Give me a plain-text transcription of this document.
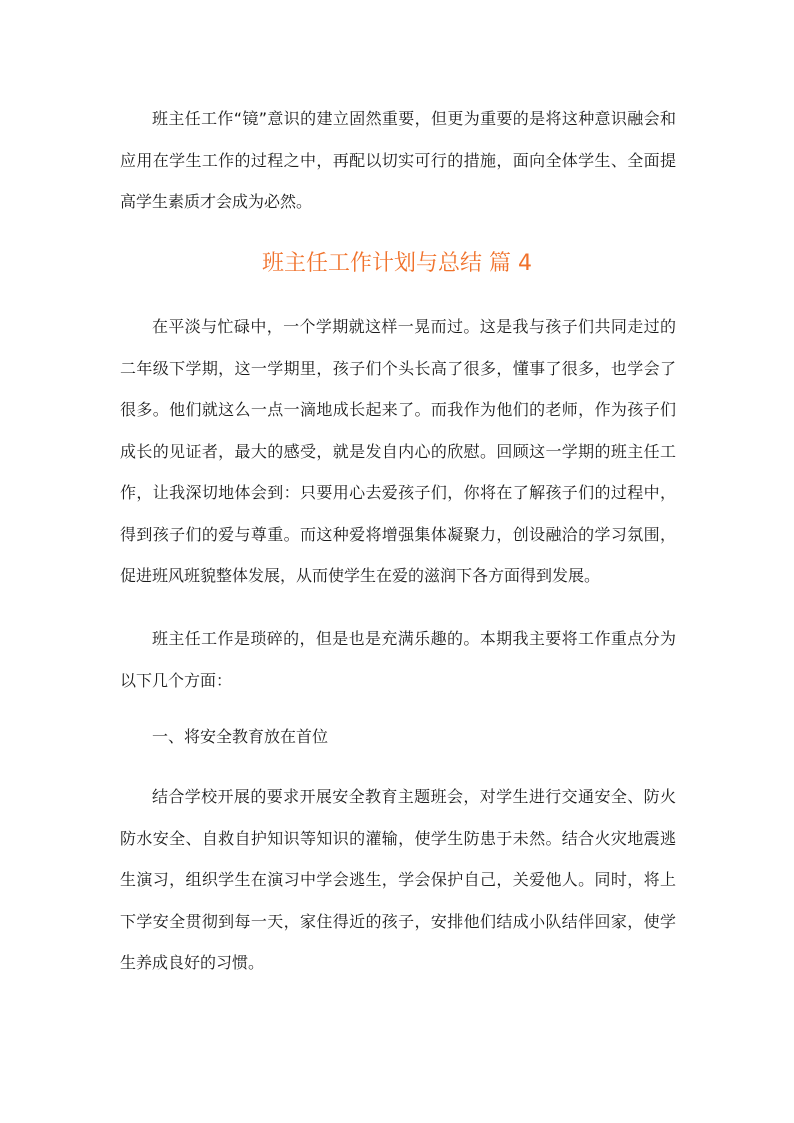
班主任工作“镜”意识的建立固然重要，但更为重要的是将这种意识融会和应用在学生工作的过程之中，再配以切实可行的措施，面向全体学生、全面提高学生素质才会成为必然。

班主任工作计划与总结 篇 4

在平淡与忙碌中，一个学期就这样一晃而过。这是我与孩子们共同走过的二年级下学期，这一学期里，孩子们个头长高了很多，懂事了很多，也学会了很多。他们就这么一点一滴地成长起来了。而我作为他们的老师，作为孩子们成长的见证者，最大的感受，就是发自内心的欣慰。回顾这一学期的班主任工作，让我深切地体会到：只要用心去爱孩子们，你将在了解孩子们的过程中，得到孩子们的爱与尊重。而这种爱将增强集体凝聚力，创设融洽的学习氛围，促进班风班貌整体发展，从而使学生在爱的滋润下各方面得到发展。

班主任工作是琐碎的，但是也是充满乐趣的。本期我主要将工作重点分为以下几个方面：

一、将安全教育放在首位

结合学校开展的要求开展安全教育主题班会，对学生进行交通安全、防火防水安全、自救自护知识等知识的灌输，使学生防患于未然。结合火灾地震逃生演习，组织学生在演习中学会逃生，学会保护自己，关爱他人。同时，将上下学安全贯彻到每一天，家住得近的孩子，安排他们结成小队结伴回家，使学生养成良好的习惯。
